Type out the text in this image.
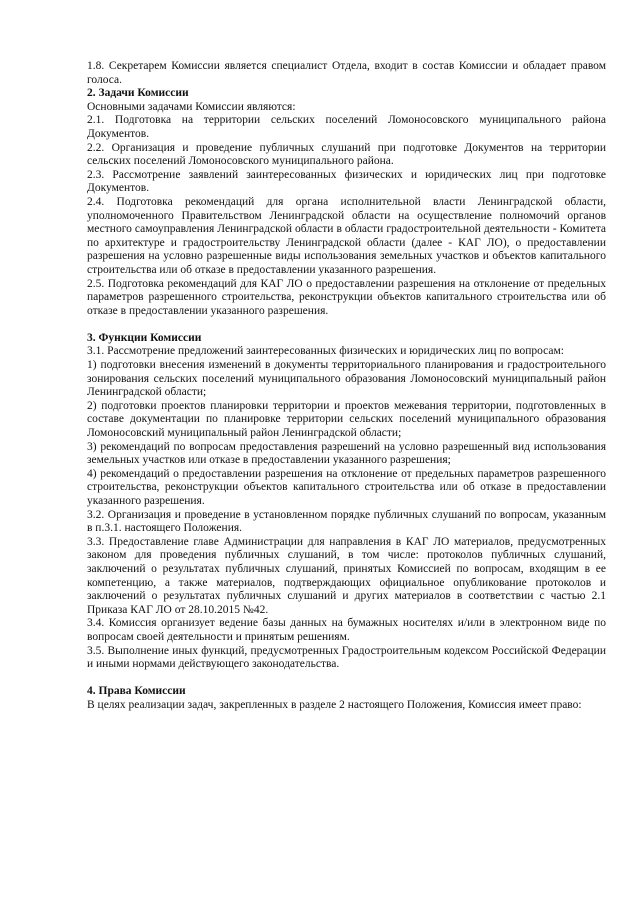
1.8. Секретарем Комиссии является специалист Отдела, входит в состав Комиссии и обладает правом голоса.

2. Задачи Комиссии

Основными задачами Комиссии являются:

2.1. Подготовка на территории сельских поселений Ломоносовского муниципального района Документов.

2.2. Организация и проведение публичных слушаний при подготовке Документов на территории сельских поселений Ломоносовского муниципального района.

2.3. Рассмотрение заявлений заинтересованных физических и юридических лиц при подготовке Документов.

2.4. Подготовка рекомендаций для органа исполнительной власти Ленинградской области, уполномоченного Правительством Ленинградской области на осуществление полномочий органов местного самоуправления Ленинградской области в области градостроительной деятельности - Комитета по архитектуре и градостроительству Ленинградской области (далее - КАГ ЛО), о предоставлении разрешения на условно разрешенные виды использования земельных участков и объектов капитального строительства или об отказе в предоставлении указанного разрешения.

2.5. Подготовка рекомендаций для КАГ ЛО о предоставлении разрешения на отклонение от предельных параметров разрешенного строительства, реконструкции объектов капитального строительства или об отказе в предоставлении указанного разрешения.

3. Функции Комиссии

3.1. Рассмотрение предложений заинтересованных физических и юридических лиц по вопросам:

1) подготовки внесения изменений в документы территориального планирования и градостроительного зонирования сельских поселений муниципального образования Ломоносовский муниципальный район Ленинградской области;

2) подготовки проектов планировки территории и проектов межевания территории, подготовленных в составе документации по планировке территории сельских поселений муниципального образования Ломоносовский муниципальный район Ленинградской области;

3) рекомендаций по вопросам предоставления разрешений на условно разрешенный вид использования земельных участков или отказе в предоставлении указанного разрешения;

4) рекомендаций о предоставлении разрешения на отклонение от предельных параметров разрешенного строительства, реконструкции объектов капитального строительства или об отказе в предоставлении указанного разрешения.

3.2. Организация и проведение в установленном порядке публичных слушаний по вопросам, указанным в п.3.1. настоящего Положения.

3.3. Предоставление главе Администрации для направления в КАГ ЛО материалов, предусмотренных законом для проведения публичных слушаний, в том числе: протоколов публичных слушаний, заключений о результатах публичных слушаний, принятых Комиссией по вопросам, входящим в ее компетенцию, а также материалов, подтверждающих официальное опубликование протоколов и заключений о результатах публичных слушаний и других материалов в соответствии с частью 2.1 Приказа КАГ ЛО от 28.10.2015 №42.

3.4. Комиссия организует ведение базы данных на бумажных носителях и/или в электронном виде по вопросам своей деятельности и принятым решениям.

3.5. Выполнение иных функций, предусмотренных Градостроительным кодексом Российской Федерации и иными нормами действующего законодательства.

4. Права Комиссии

В целях реализации задач, закрепленных в разделе 2 настоящего Положения, Комиссия имеет право:
